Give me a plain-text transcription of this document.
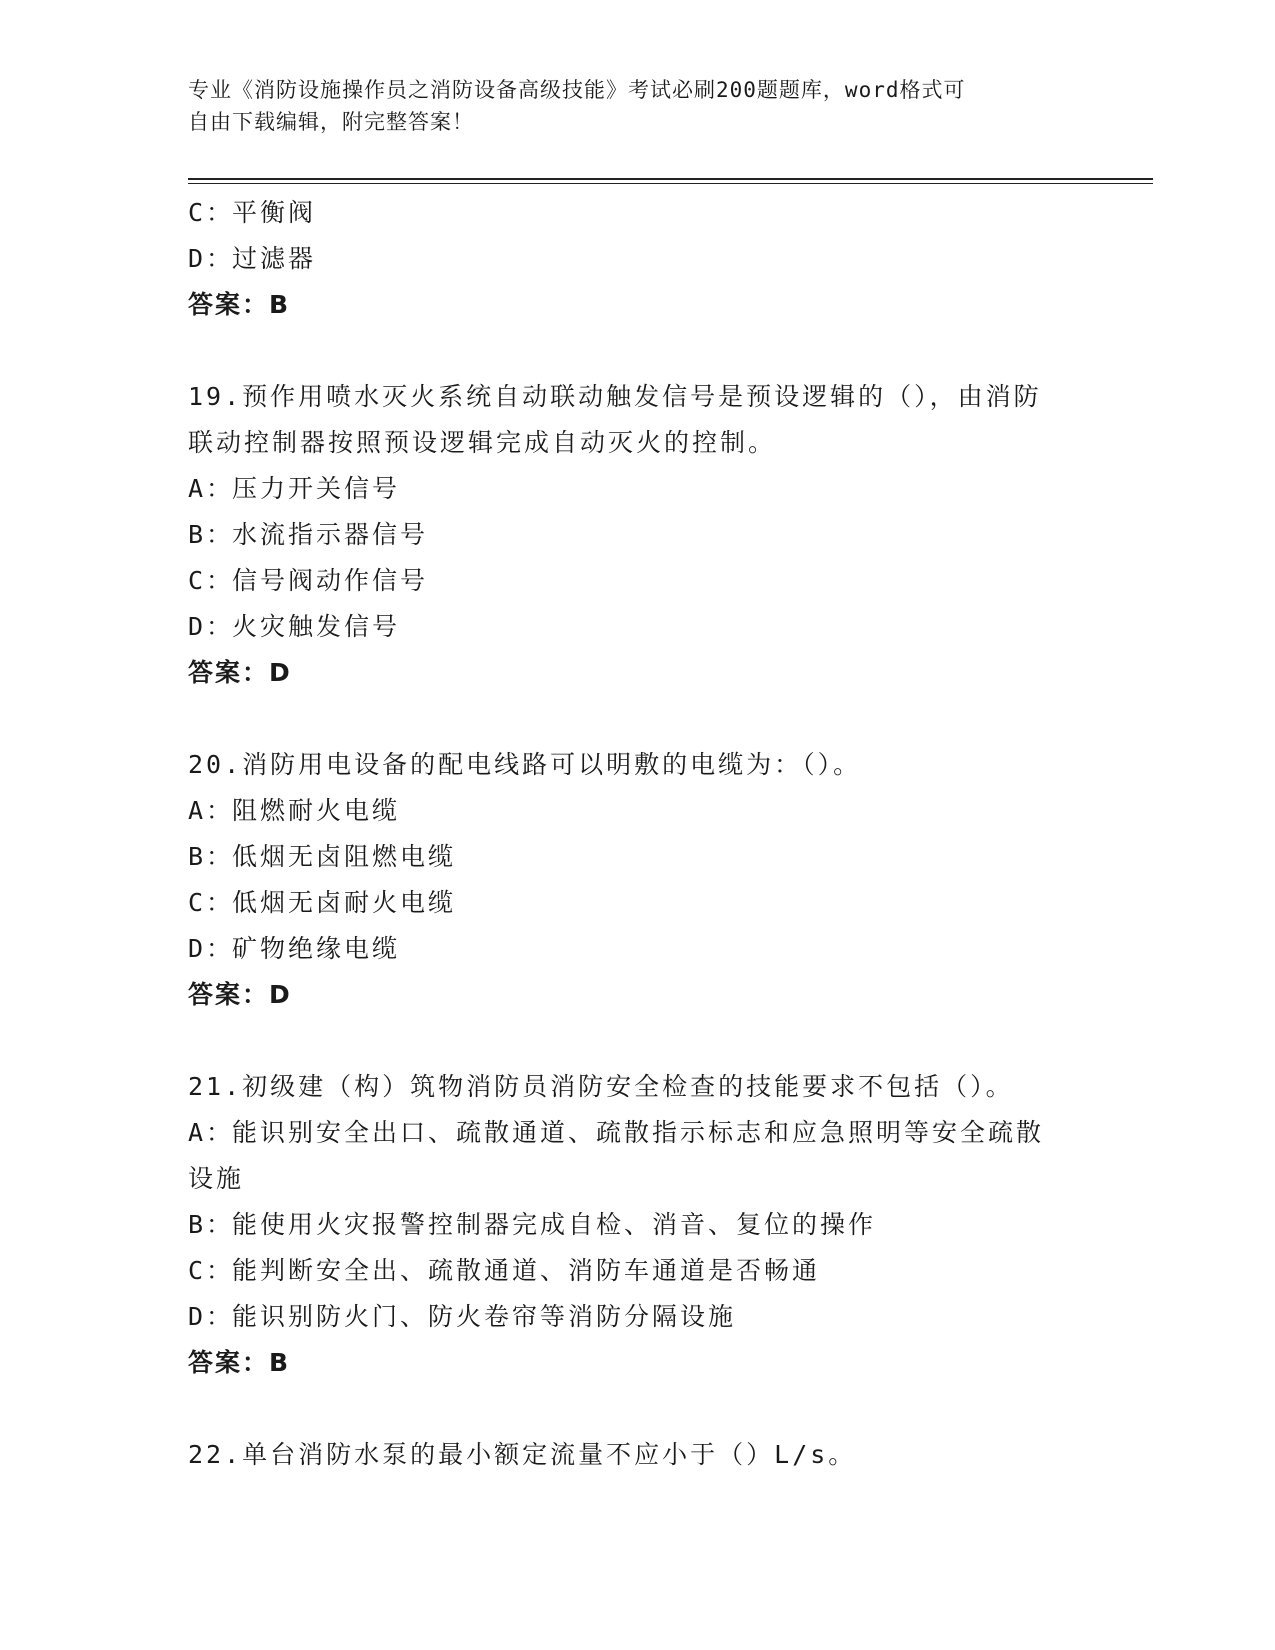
专业《消防设施操作员之消防设备高级技能》考试必刷200题题库，word格式可
自由下载编辑，附完整答案！
C：平衡阀
D：过滤器
答案：B
19.预作用喷水灭火系统自动联动触发信号是预设逻辑的（），由消防
联动控制器按照预设逻辑完成自动灭火的控制。
A：压力开关信号
B：水流指示器信号
C：信号阀动作信号
D：火灾触发信号
答案：D
20.消防用电设备的配电线路可以明敷的电缆为：（）。
A：阻燃耐火电缆
B：低烟无卤阻燃电缆
C：低烟无卤耐火电缆
D：矿物绝缘电缆
答案：D
21.初级建（构）筑物消防员消防安全检查的技能要求不包括（）。
A：能识别安全出口、疏散通道、疏散指示标志和应急照明等安全疏散
设施
B：能使用火灾报警控制器完成自检、消音、复位的操作
C：能判断安全出、疏散通道、消防车通道是否畅通
D：能识别防火门、防火卷帘等消防分隔设施
答案：B
22.单台消防水泵的最小额定流量不应小于（）L/s。
